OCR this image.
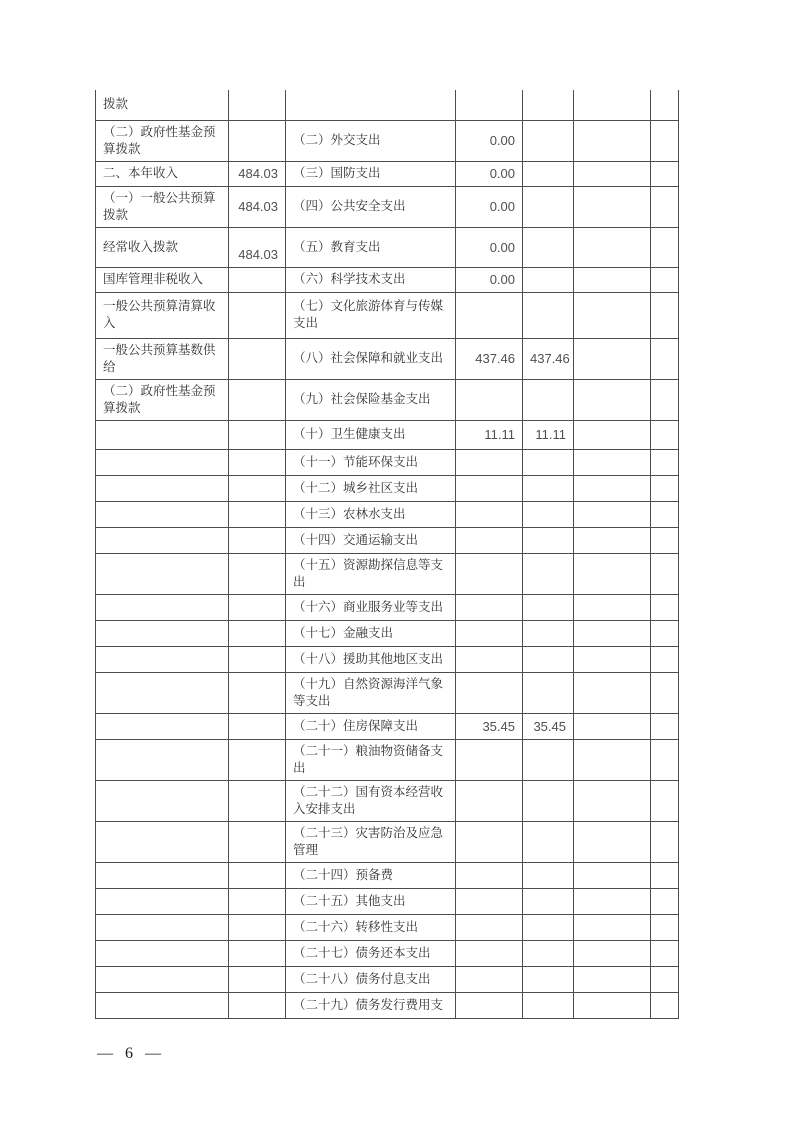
拨款						
（二）政府性基金预算拨款		（二）外交支出	0.00			
二、本年收入	484.03	（三）国防支出	0.00			
（一）一般公共预算拨款	484.03	（四）公共安全支出	0.00			
经常收入拨款	484.03	（五）教育支出	0.00			
国库管理非税收入		（六）科学技术支出	0.00			
一般公共预算清算收入		（七）文化旅游体育与传媒支出				
一般公共预算基数供给		（八）社会保障和就业支出	437.46	437.46		
（二）政府性基金预算拨款		（九）社会保险基金支出				
		（十）卫生健康支出	11.11	11.11		
		（十一）节能环保支出				
		（十二）城乡社区支出				
		（十三）农林水支出				
		（十四）交通运输支出				
		（十五）资源勘探信息等支出				
		（十六）商业服务业等支出				
		（十七）金融支出				
		（十八）援助其他地区支出				
		（十九）自然资源海洋气象等支出				
		（二十）住房保障支出	35.45	35.45		
		（二十一）粮油物资储备支出				
		（二十二）国有资本经营收入安排支出				
		（二十三）灾害防治及应急管理				
		（二十四）预备费				
		（二十五）其他支出				
		（二十六）转移性支出				
		（二十七）债务还本支出				
		（二十八）债务付息支出				
		（二十九）债务发行费用支				
— 6 —
